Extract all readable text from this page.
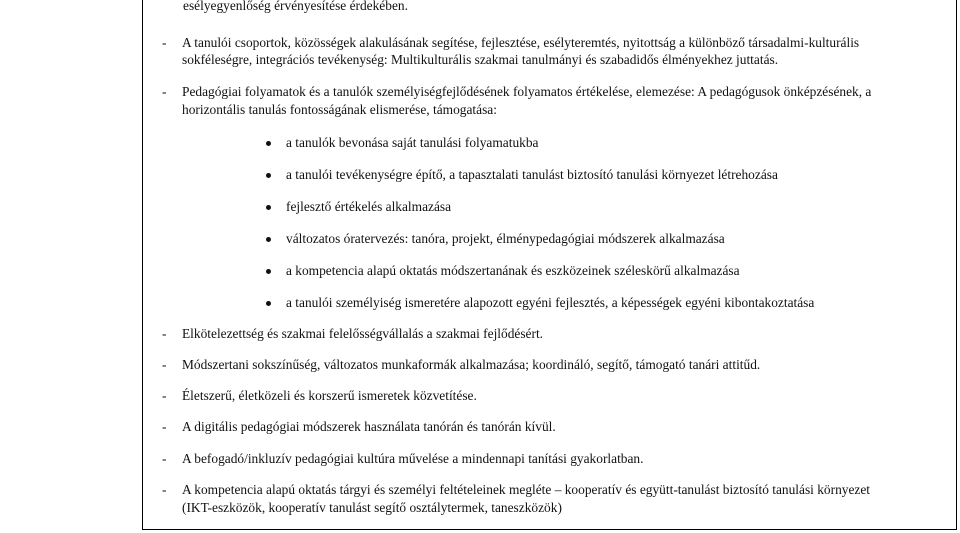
esélyegyenlőség érvényesítése érdekében.
- A tanulói csoportok, közösségek alakulásának segítése, fejlesztése, esélyteremtés, nyitottság a különböző társadalmi-kulturális
sokféleségre, integrációs tevékenység: Multikulturális szakmai tanulmányi és szabadidős élményekhez juttatás.
- Pedagógiai folyamatok és a tanulók személyiségfejlődésének folyamatos értékelése, elemezése: A pedagógusok önképzésének, a
horizontális tanulás fontosságának elismerése, támogatása:
a tanulók bevonása saját tanulási folyamatukba
a tanulói tevékenységre építő, a tapasztalati tanulást biztosító tanulási környezet létrehozása
fejlesztő értékelés alkalmazása
változatos óratervezés: tanóra, projekt, élménypedagógiai módszerek alkalmazása
a kompetencia alapú oktatás módszertanának és eszközeinek széleskörű alkalmazása
a tanulói személyiség ismeretére alapozott egyéni fejlesztés, a képességek egyéni kibontakoztatása
- Elkötelezettség és szakmai felelősségvállalás a szakmai fejlődésért.
- Módszertani sokszínűség, változatos munkaformák alkalmazása; koordináló, segítő, támogató tanári attitűd.
- Életszerű, életközeli és korszerű ismeretek közvetítése.
- A digitális pedagógiai módszerek használata tanórán és tanórán kívül.
- A befogadó/inkluzív pedagógiai kultúra művelése a mindennapi tanítási gyakorlatban.
- A kompetencia alapú oktatás tárgyi és személyi feltételeinek megléte – kooperatív és együtt-tanulást biztosító tanulási környezet
(IKT-eszközök, kooperatív tanulást segítő osztálytermek, taneszközök)
